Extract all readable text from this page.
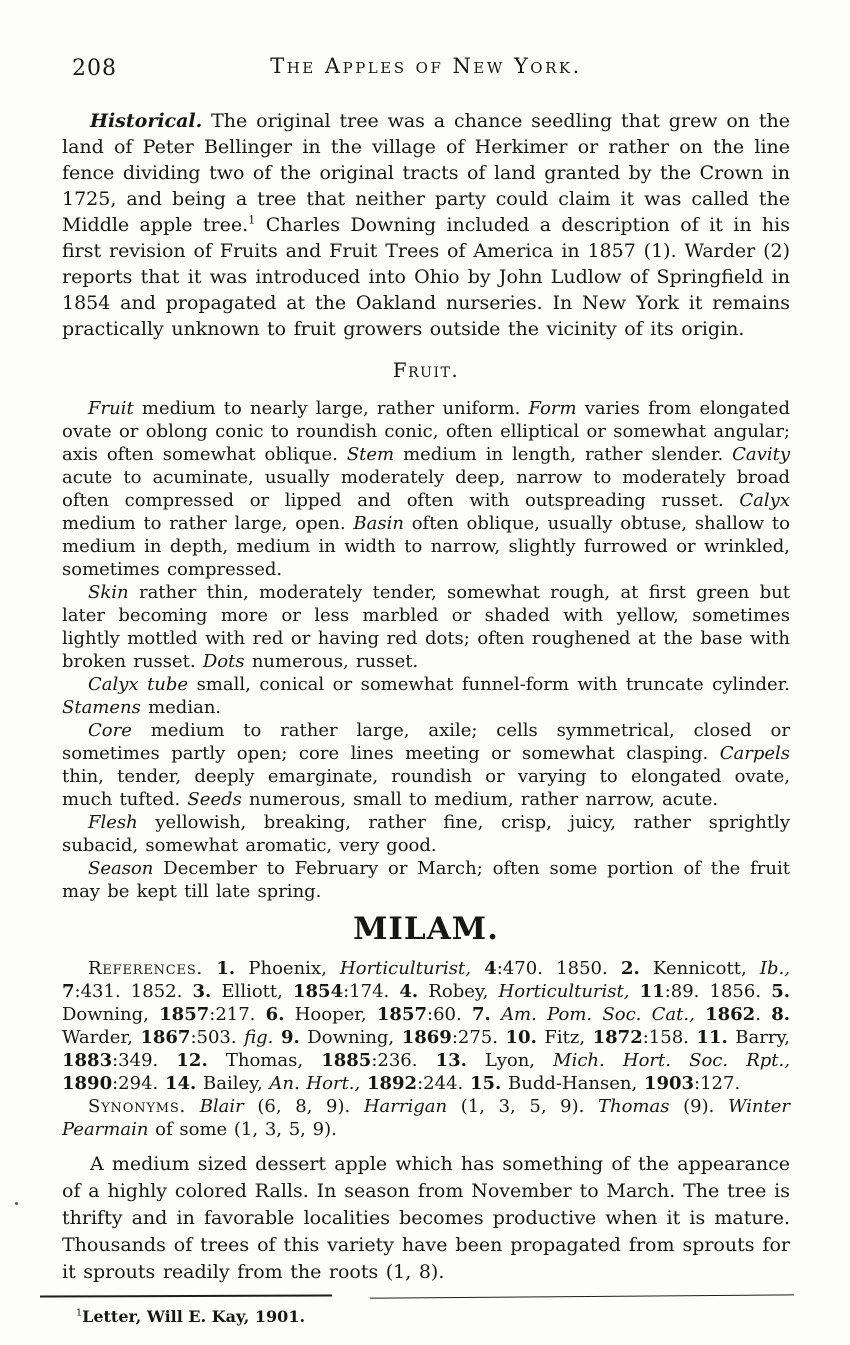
208	The Apples of New York.

Historical. The original tree was a chance seedling that grew on the land of Peter Bellinger in the village of Herkimer or rather on the line fence dividing two of the original tracts of land granted by the Crown in 1725, and being a tree that neither party could claim it was called the Middle apple tree.$^1$ Charles Downing included a description of it in his first revision of Fruits and Fruit Trees of America in 1857 (1). Warder (2) reports that it was introduced into Ohio by John Ludlow of Springfield in 1854 and propagated at the Oakland nurseries. In New York it remains practically unknown to fruit growers outside the vicinity of its origin.

Fruit.

Fruit medium to nearly large, rather uniform. Form varies from elongated ovate or oblong conic to roundish conic, often elliptical or somewhat angular; axis often somewhat oblique. Stem medium in length, rather slender. Cavity acute to acuminate, usually moderately deep, narrow to moderately broad often compressed or lipped and often with outspreading russet. Calyx medium to rather large, open. Basin often oblique, usually obtuse, shallow to medium in depth, medium in width to narrow, slightly furrowed or wrinkled, sometimes compressed.

Skin rather thin, moderately tender, somewhat rough, at first green but later becoming more or less marbled or shaded with yellow, sometimes lightly mottled with red or having red dots; often roughened at the base with broken russet. Dots numerous, russet.

Calyx tube small, conical or somewhat funnel-form with truncate cylinder. Stamens median.

Core medium to rather large, axile; cells symmetrical, closed or sometimes partly open; core lines meeting or somewhat clasping. Carpels thin, tender, deeply emarginate, roundish or varying to elongated ovate, much tufted. Seeds numerous, small to medium, rather narrow, acute.

Flesh yellowish, breaking, rather fine, crisp, juicy, rather sprightly subacid, somewhat aromatic, very good.

Season December to February or March; often some portion of the fruit may be kept till late spring.

MILAM.

References. 1. Phoenix, Horticulturist, 4:470. 1850. 2. Kennicott, Ib., 7:431. 1852. 3. Elliott, 1854:174. 4. Robey, Horticulturist, 11:89. 1856. 5. Downing, 1857:217. 6. Hooper, 1857:60. 7. Am. Pom. Soc. Cat., 1862. 8. Warder, 1867:503. fig. 9. Downing, 1869:275. 10. Fitz, 1872:158. 11. Barry, 1883:349. 12. Thomas, 1885:236. 13. Lyon, Mich. Hort. Soc. Rpt., 1890:294. 14. Bailey, An. Hort., 1892:244. 15. Budd-Hansen, 1903:127.

Synonyms. Blair (6, 8, 9). Harrigan (1, 3, 5, 9). Thomas (9). Winter Pearmain of some (1, 3, 5, 9).

A medium sized dessert apple which has something of the appearance of a highly colored Ralls. In season from November to March. The tree is thrifty and in favorable localities becomes productive when it is mature. Thousands of trees of this variety have been propagated from sprouts for it sprouts readily from the roots (1, 8).

$^1$Letter, Will E. Kay, 1901.
